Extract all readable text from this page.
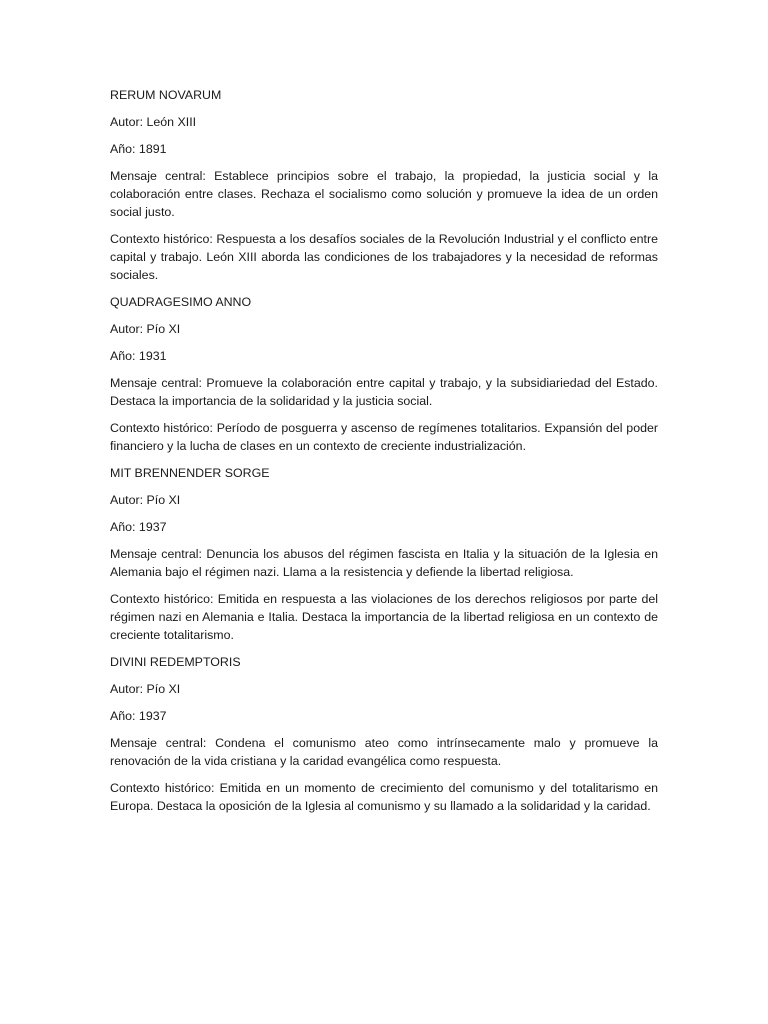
RERUM NOVARUM

Autor: León XIII

Año: 1891

Mensaje central: Establece principios sobre el trabajo, la propiedad, la justicia social y la colaboración entre clases. Rechaza el socialismo como solución y promueve la idea de un orden social justo.

Contexto histórico: Respuesta a los desafíos sociales de la Revolución Industrial y el conflicto entre capital y trabajo. León XIII aborda las condiciones de los trabajadores y la necesidad de reformas sociales.

QUADRAGESIMO ANNO

Autor: Pío XI

Año: 1931

Mensaje central: Promueve la colaboración entre capital y trabajo, y la subsidiariedad del Estado. Destaca la importancia de la solidaridad y la justicia social.

Contexto histórico: Período de posguerra y ascenso de regímenes totalitarios. Expansión del poder financiero y la lucha de clases en un contexto de creciente industrialización.

MIT BRENNENDER SORGE

Autor: Pío XI

Año: 1937

Mensaje central: Denuncia los abusos del régimen fascista en Italia y la situación de la Iglesia en Alemania bajo el régimen nazi. Llama a la resistencia y defiende la libertad religiosa.

Contexto histórico: Emitida en respuesta a las violaciones de los derechos religiosos por parte del régimen nazi en Alemania e Italia. Destaca la importancia de la libertad religiosa en un contexto de creciente totalitarismo.

DIVINI REDEMPTORIS

Autor: Pío XI

Año: 1937

Mensaje central: Condena el comunismo ateo como intrínsecamente malo y promueve la renovación de la vida cristiana y la caridad evangélica como respuesta.

Contexto histórico: Emitida en un momento de crecimiento del comunismo y del totalitarismo en Europa. Destaca la oposición de la Iglesia al comunismo y su llamado a la solidaridad y la caridad.
